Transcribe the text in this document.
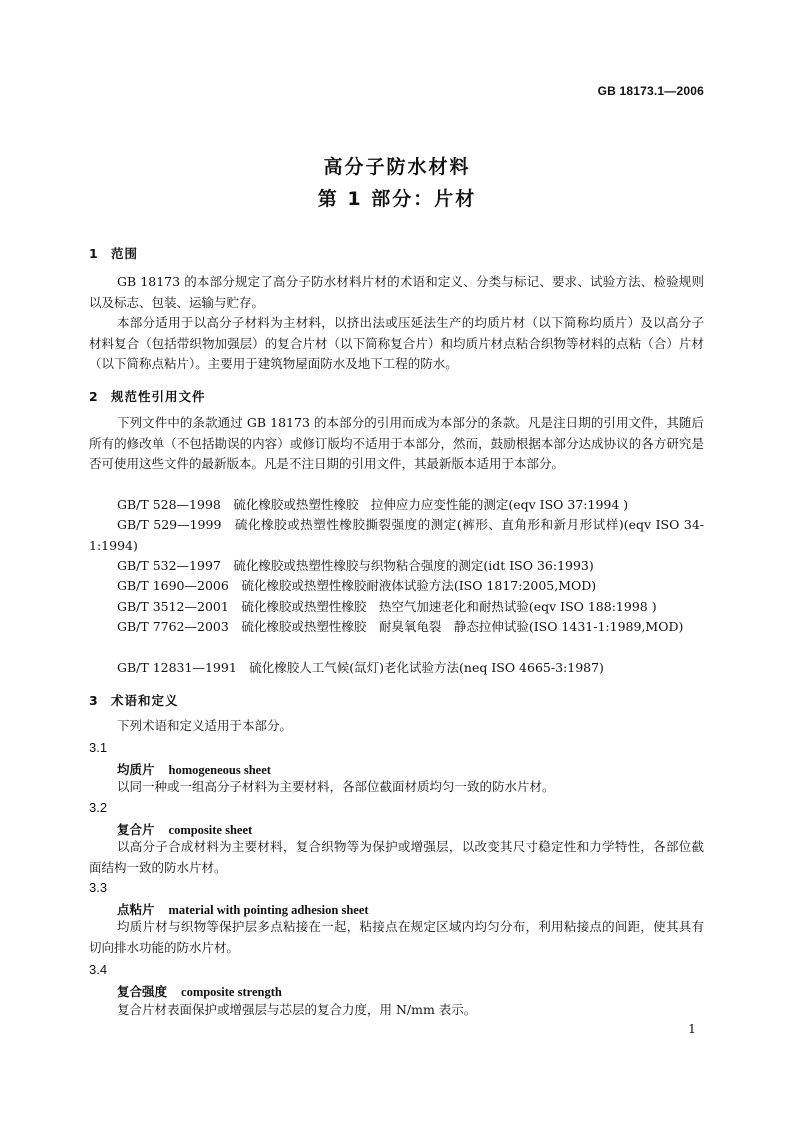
GB 18173.1—2006
高分子防水材料
第 1 部分：片材
1 范围

GB 18173 的本部分规定了高分子防水材料片材的术语和定义、分类与标记、要求、试验方法、检验规则以及标志、包装、运输与贮存。

本部分适用于以高分子材料为主材料，以挤出法或压延法生产的均质片材（以下简称均质片）及以高分子材料复合（包括带织物加强层）的复合片材（以下简称复合片）和均质片材点粘合织物等材料的点粘（合）片材（以下简称点粘片）。主要用于建筑物屋面防水及地下工程的防水。

2 规范性引用文件

下列文件中的条款通过 GB 18173 的本部分的引用而成为本部分的条款。凡是注日期的引用文件，其随后所有的修改单（不包括勘误的内容）或修订版均不适用于本部分，然而，鼓励根据本部分达成协议的各方研究是否可使用这些文件的最新版本。凡是不注日期的引用文件，其最新版本适用于本部分。

GB/T 528—1998　硫化橡胶或热塑性橡胶　拉伸应力应变性能的测定(eqv ISO 37:1994 )
GB/T 529—1999　硫化橡胶或热塑性橡胶撕裂强度的测定(裤形、直角形和新月形试样)(eqv ISO 34-1:1994)
GB/T 532—1997　硫化橡胶或热塑性橡胶与织物粘合强度的测定(idt ISO 36:1993)
GB/T 1690—2006　硫化橡胶或热塑性橡胶耐液体试验方法(ISO 1817:2005,MOD)
GB/T 3512—2001　硫化橡胶或热塑性橡胶　热空气加速老化和耐热试验(eqv ISO 188:1998 )
GB/T 7762—2003　硫化橡胶或热塑性橡胶　耐臭氧龟裂　静态拉伸试验(ISO 1431-1:1989,MOD)
GB/T 12831—1991　硫化橡胶人工气候(氙灯)老化试验方法(neq ISO 4665-3:1987)
3 术语和定义
下列术语和定义适用于本部分。
3.1
均质片 homogeneous sheet
以同一种或一组高分子材料为主要材料，各部位截面材质均匀一致的防水片材。
3.2
复合片 composite sheet
以高分子合成材料为主要材料，复合织物等为保护或增强层，以改变其尺寸稳定性和力学特性，各部位截面结构一致的防水片材。
3.3
点粘片 material with pointing adhesion sheet
均质片材与织物等保护层多点粘接在一起，粘接点在规定区域内均匀分布，利用粘接点的间距，使其具有切向排水功能的防水片材。
3.4
复合强度 composite strength
复合片材表面保护或增强层与芯层的复合力度，用 N/mm 表示。
1
